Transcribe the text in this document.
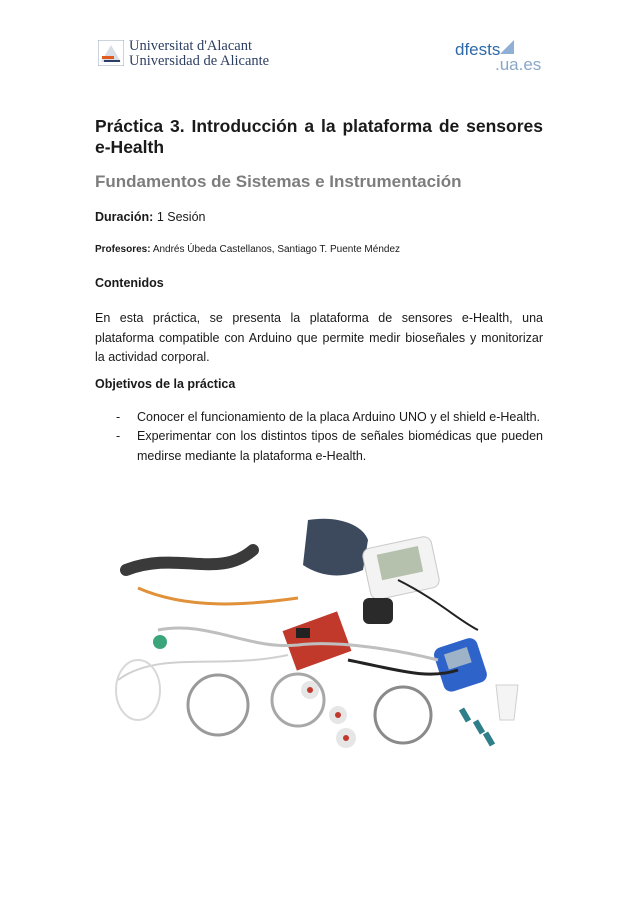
Universitat d'Alacant
Universidad de Alicante
dfests
.ua.es
Práctica 3. Introducción a la plataforma de sensores e-Health
Fundamentos de Sistemas e Instrumentación
Duración: 1 Sesión
Profesores: Andrés Úbeda Castellanos, Santiago T. Puente Méndez
Contenidos
En esta práctica, se presenta la plataforma de sensores e-Health, una plataforma compatible con Arduino que permite medir bioseñales y monitorizar la actividad corporal.
Objetivos de la práctica
- Conocer el funcionamiento de la placa Arduino UNO y el shield e-Health.
- Experimentar con los distintos tipos de señales biomédicas que pueden medirse mediante la plataforma e-Health.
